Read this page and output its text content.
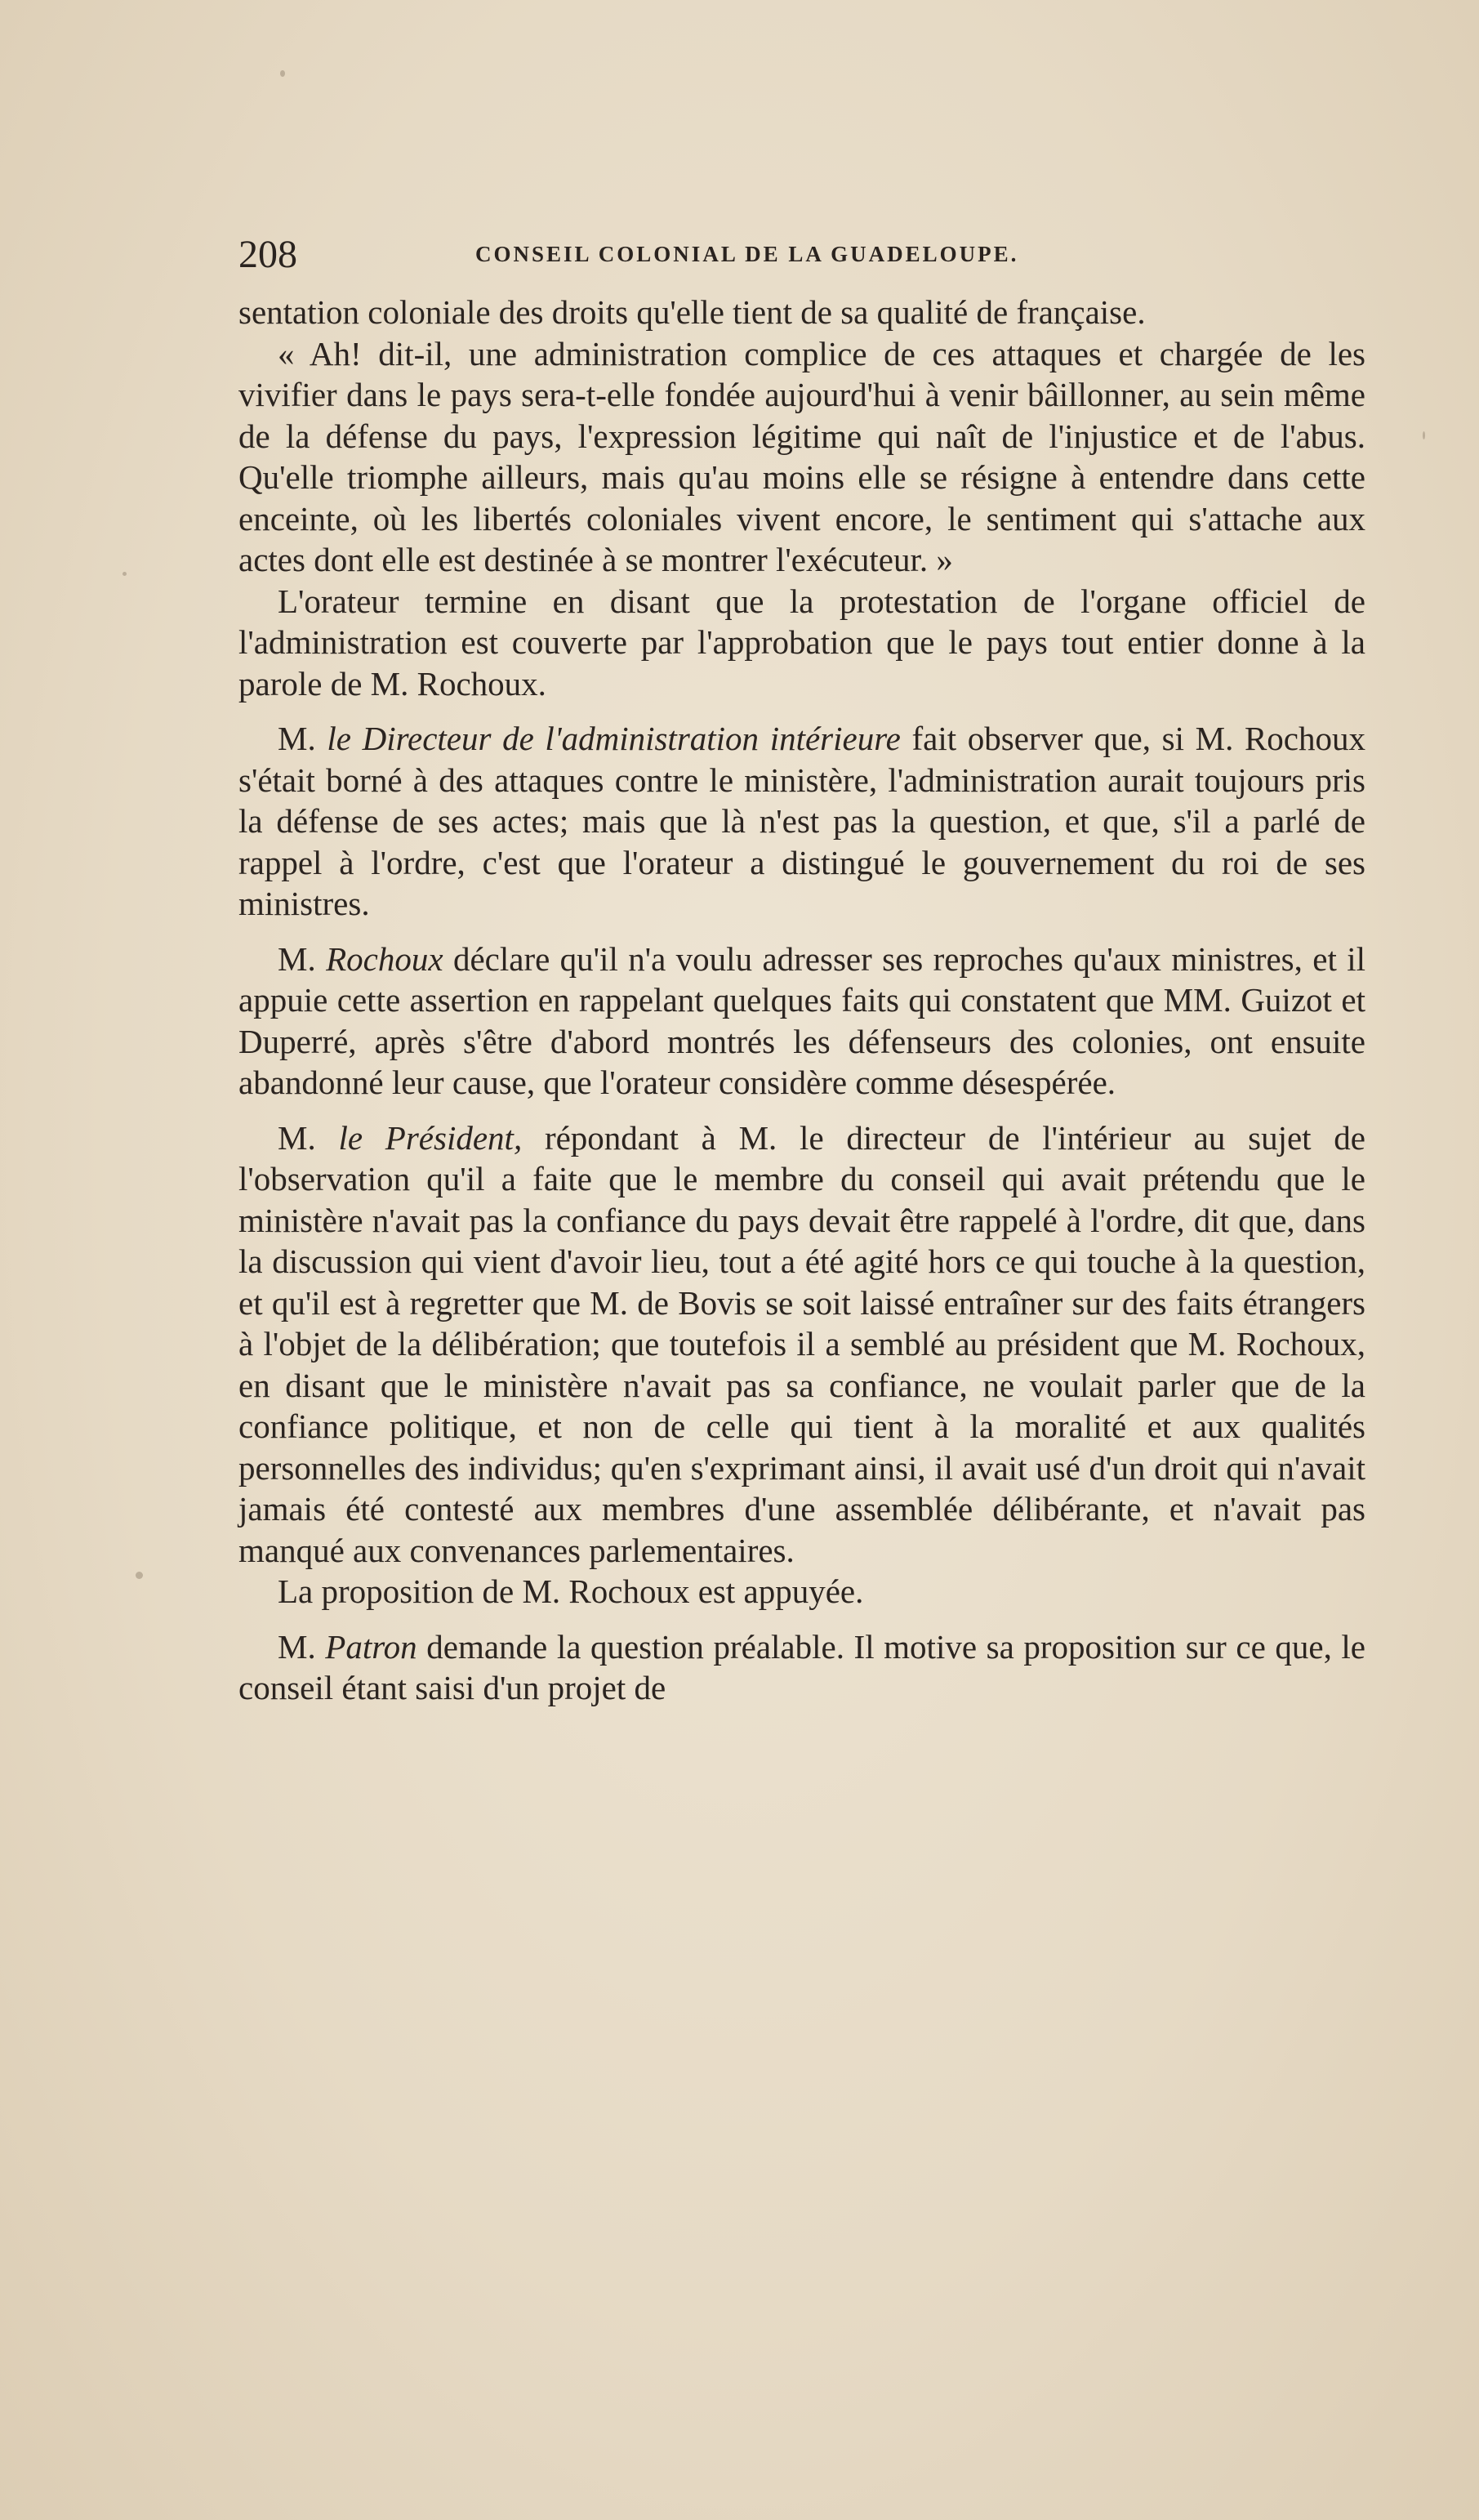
208	CONSEIL COLONIAL DE LA GUADELOUPE.

sentation coloniale des droits qu'elle tient de sa qualité de française.

« Ah! dit-il, une administration complice de ces attaques et chargée de les vivifier dans le pays sera-t-elle fondée aujourd'hui à venir bâillonner, au sein même de la défense du pays, l'expression légitime qui naît de l'injustice et de l'abus. Qu'elle triomphe ailleurs, mais qu'au moins elle se résigne à entendre dans cette enceinte, où les libertés coloniales vivent encore, le sentiment qui s'attache aux actes dont elle est destinée à se montrer l'exécuteur. »

L'orateur termine en disant que la protestation de l'organe officiel de l'administration est couverte par l'approbation que le pays tout entier donne à la parole de M. Rochoux.

M. le Directeur de l'administration intérieure fait observer que, si M. Rochoux s'était borné à des attaques contre le ministère, l'administration aurait toujours pris la défense de ses actes; mais que là n'est pas la question, et que, s'il a parlé de rappel à l'ordre, c'est que l'orateur a distingué le gouvernement du roi de ses ministres.

M. Rochoux déclare qu'il n'a voulu adresser ses reproches qu'aux ministres, et il appuie cette assertion en rappelant quelques faits qui constatent que MM. Guizot et Duperré, après s'être d'abord montrés les défenseurs des colonies, ont ensuite abandonné leur cause, que l'orateur considère comme désespérée.

M. le Président, répondant à M. le directeur de l'intérieur au sujet de l'observation qu'il a faite que le membre du conseil qui avait prétendu que le ministère n'avait pas la confiance du pays devait être rappelé à l'ordre, dit que, dans la discussion qui vient d'avoir lieu, tout a été agité hors ce qui touche à la question, et qu'il est à regretter que M. de Bovis se soit laissé entraîner sur des faits étrangers à l'objet de la délibération; que toutefois il a semblé au président que M. Rochoux, en disant que le ministère n'avait pas sa confiance, ne voulait parler que de la confiance politique, et non de celle qui tient à la moralité et aux qualités personnelles des individus; qu'en s'exprimant ainsi, il avait usé d'un droit qui n'avait jamais été contesté aux membres d'une assemblée délibérante, et n'avait pas manqué aux convenances parlementaires.

La proposition de M. Rochoux est appuyée.

M. Patron demande la question préalable. Il motive sa proposition sur ce que, le conseil étant saisi d'un projet de
